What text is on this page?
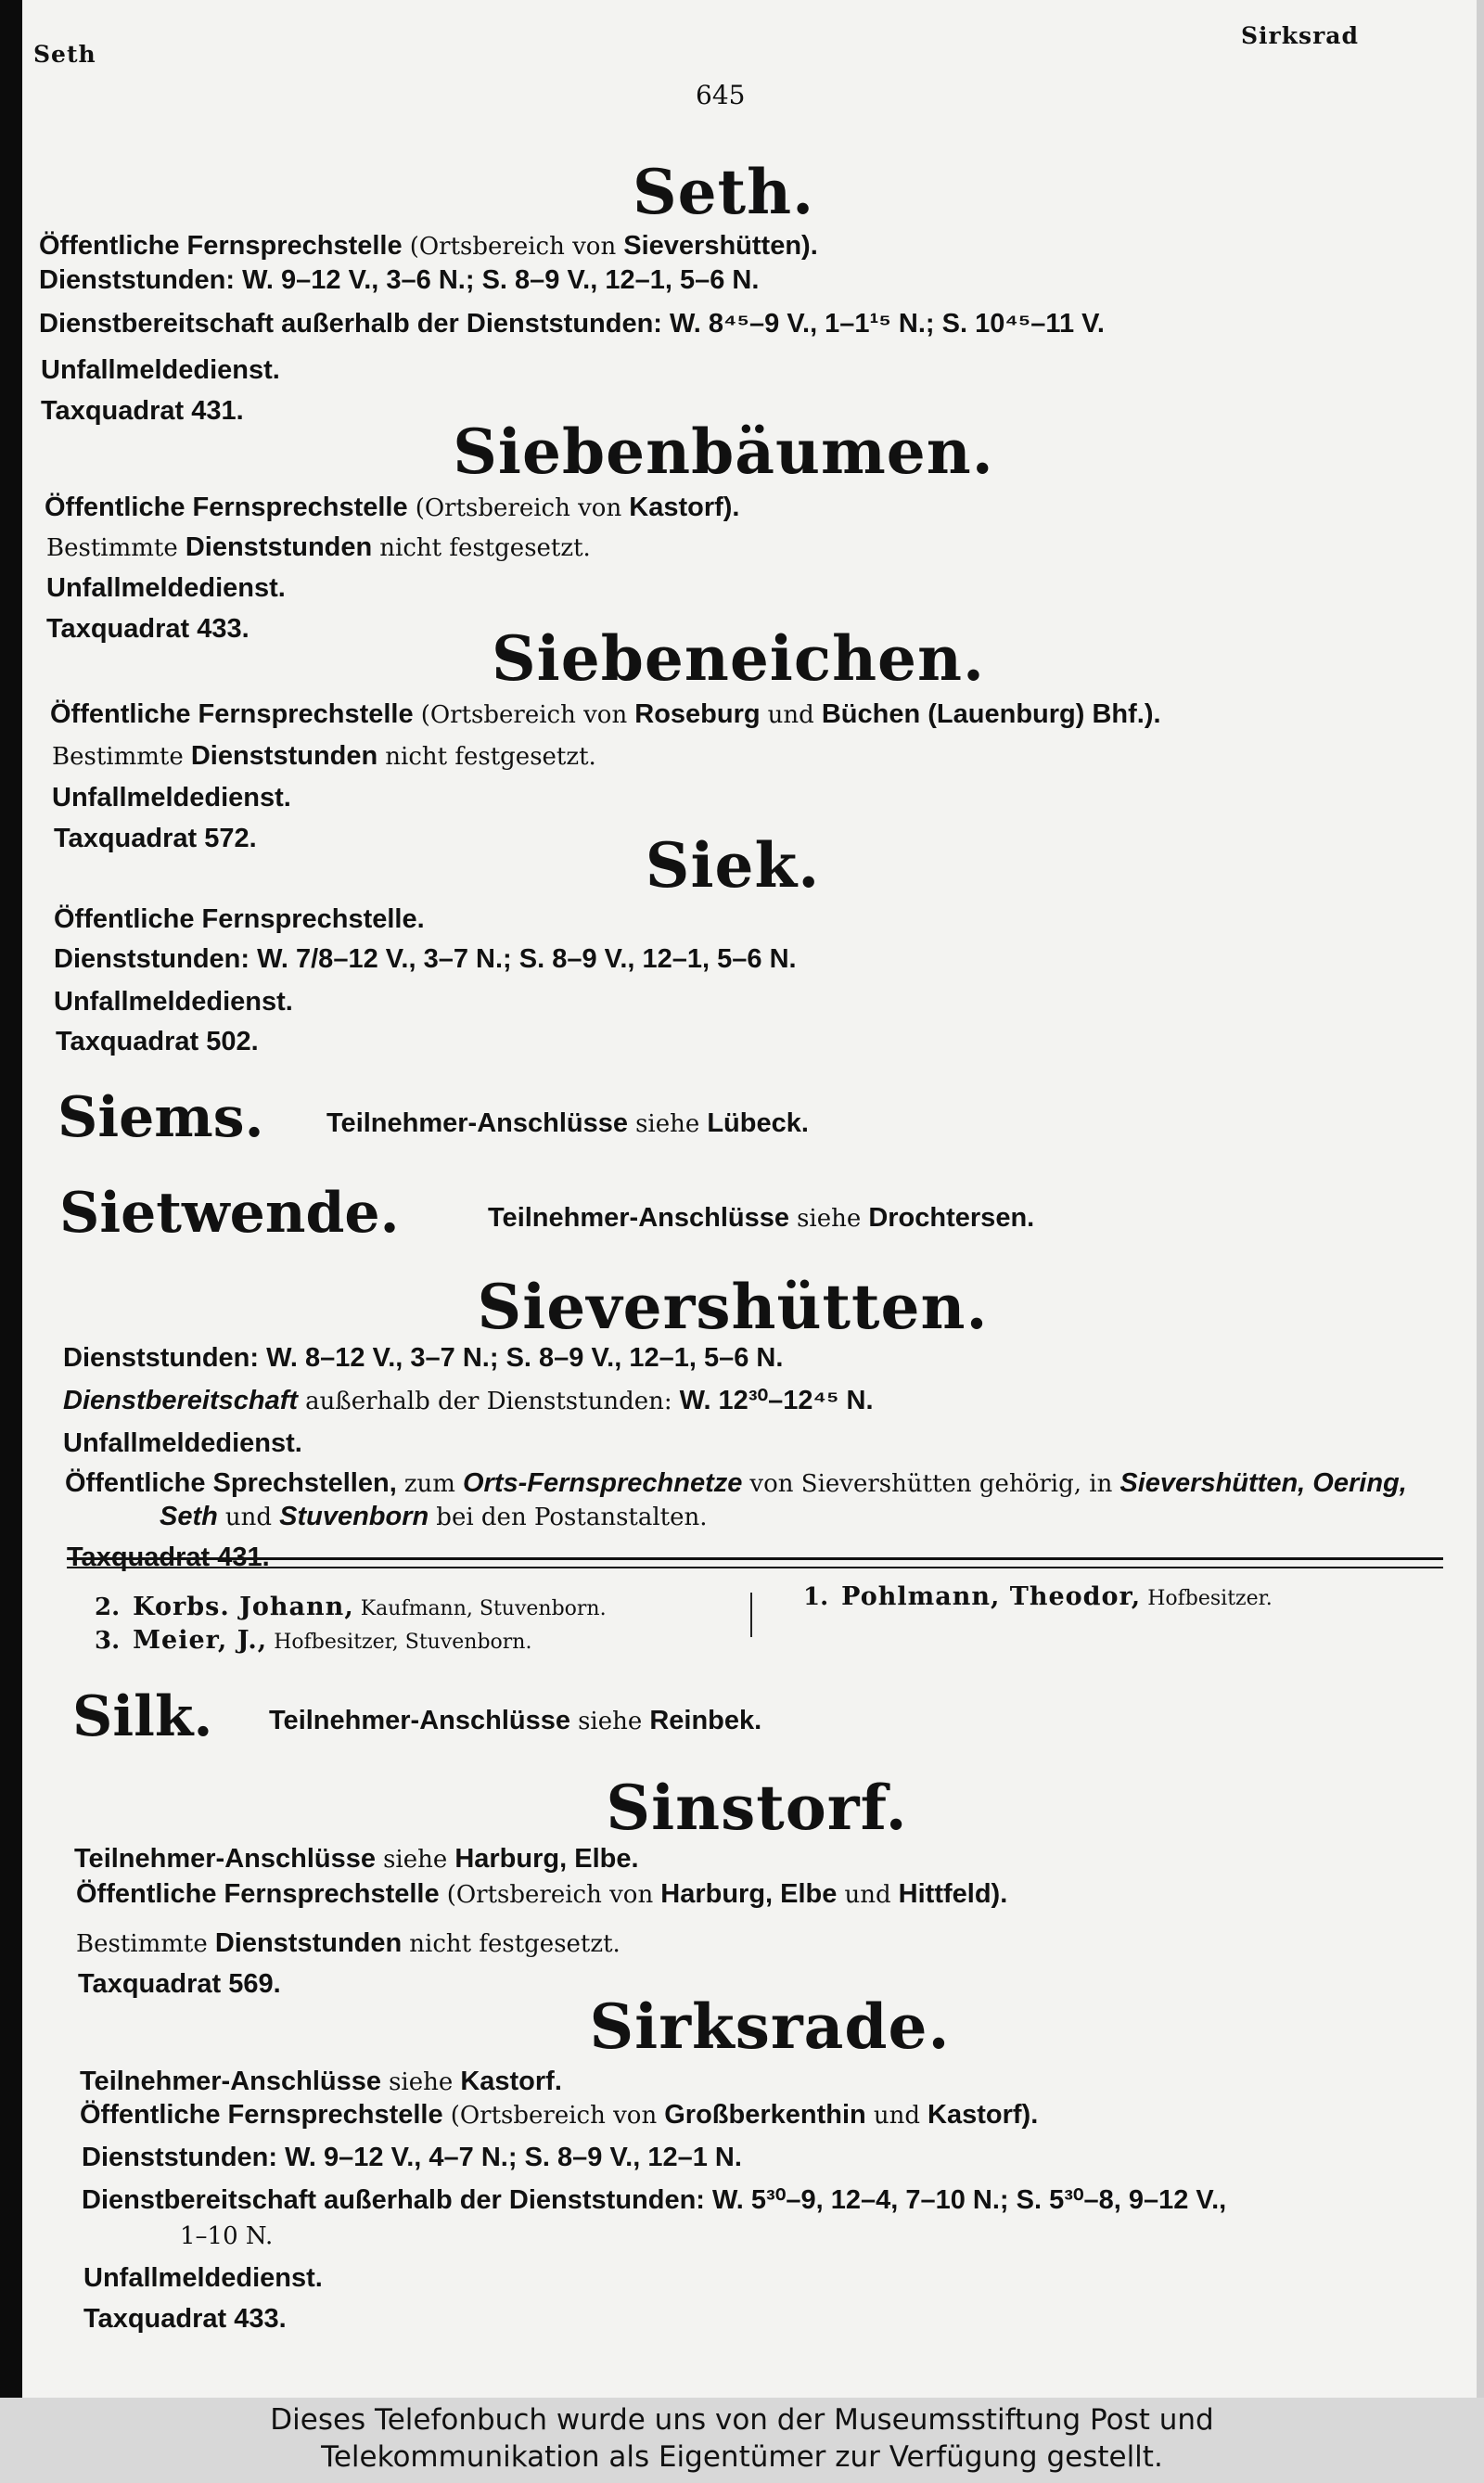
Seth
Sirksrad
645
Seth.
Öffentliche Fernsprechstelle (Ortsbereich von Sievershütten).
Dienststunden: W. 9–12 V., 3–6 N.; S. 8–9 V., 12–1, 5–6 N.
Dienstbereitschaft außerhalb der Dienststunden: W. 8⁴⁵–9 V., 1–1¹⁵ N.; S. 10⁴⁵–11 V.
Unfallmeldedienst.
Taxquadrat 431.
Siebenbäumen.
Öffentliche Fernsprechstelle (Ortsbereich von Kastorf).
Bestimmte Dienststunden nicht festgesetzt.
Unfallmeldedienst.
Taxquadrat 433.	Siebeneichen.
Öffentliche Fernsprechstelle (Ortsbereich von Roseburg und Büchen (Lauenburg) Bhf.).
Bestimmte Dienststunden nicht festgesetzt.
Unfallmeldedienst.
Taxquadrat 572.	Siek.
Öffentliche Fernsprechstelle.
Dienststunden: W. 7/8–12 V., 3–7 N.; S. 8–9 V., 12–1, 5–6 N.
Unfallmeldedienst.
Taxquadrat 502.
Siems. Teilnehmer-Anschlüsse siehe Lübeck.
Sietwende.	Teilnehmer-Anschlüsse siehe Drochtersen.
Sievershütten.
Dienststunden: W. 8–12 V., 3–7 N.; S. 8–9 V., 12–1, 5–6 N.
Dienstbereitschaft außerhalb der Dienststunden: W. 12³⁰–12⁴⁵ N.
Unfallmeldedienst.
Öffentliche Sprechstellen, zum Orts-Fernsprechnetze von Sievershütten gehörig, in Sievershütten, Oering,
Seth und Stuvenborn bei den Postanstalten.
Taxquadrat 431.
2. Korbs. Johann, Kaufmann, Stuvenborn.
3. Meier, J., Hofbesitzer, Stuvenborn.
1. Pohlmann, Theodor, Hofbesitzer.
Silk. Teilnehmer-Anschlüsse siehe Reinbek.
Sinstorf.
Teilnehmer-Anschlüsse siehe Harburg, Elbe.
Öffentliche Fernsprechstelle (Ortsbereich von Harburg, Elbe und Hittfeld).
Bestimmte Dienststunden nicht festgesetzt.
Taxquadrat 569.
Sirksrade.
Teilnehmer-Anschlüsse siehe Kastorf.
Öffentliche Fernsprechstelle (Ortsbereich von Großberkenthin und Kastorf).
Dienststunden: W. 9–12 V., 4–7 N.; S. 8–9 V., 12–1 N.
Dienstbereitschaft außerhalb der Dienststunden: W. 5³⁰–9, 12–4, 7–10 N.; S. 5³⁰–8, 9–12 V.,
1–10 N.
Unfallmeldedienst.
Taxquadrat 433.
Dieses Telefonbuch wurde uns von der Museumsstiftung Post und
Telekommunikation als Eigentümer zur Verfügung gestellt.
